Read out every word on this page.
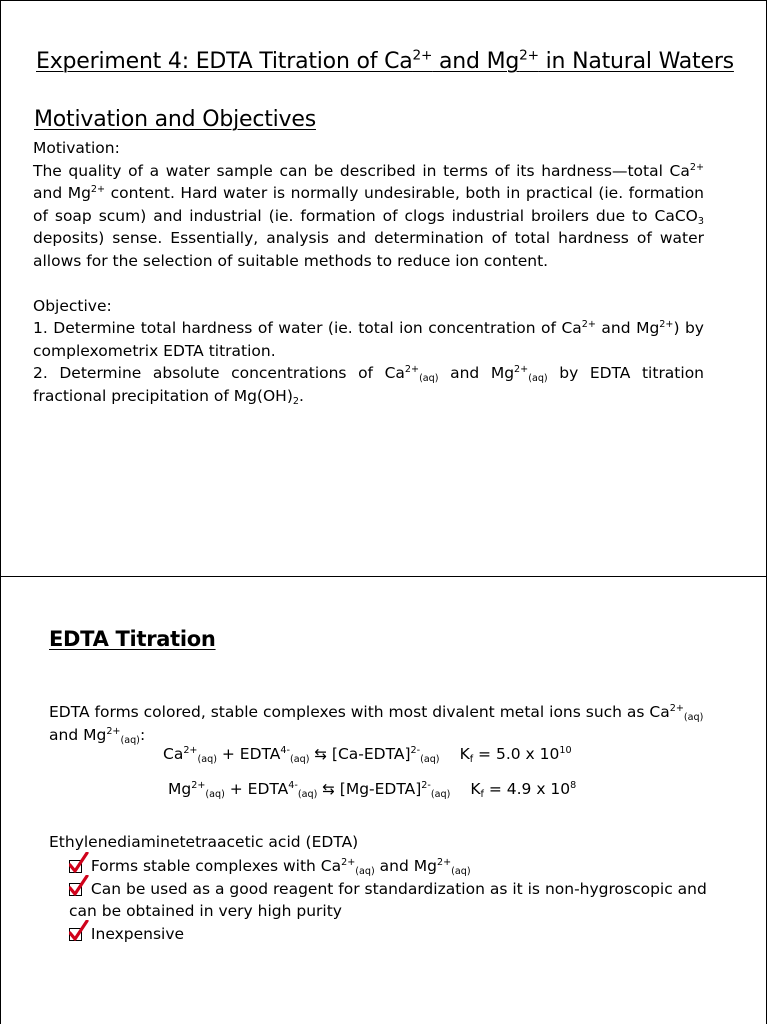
Experiment 4: EDTA Titration of $Ca^{2+}$ and $Mg^{2+}$ in Natural Waters
Motivation and Objectives
Motivation:
The quality of a water sample can be described in terms of its hardness—total $Ca^{2+}$ and $Mg^{2+}$ content. Hard water is normally undesirable, both in practical (ie. formation of soap scum) and industrial (ie. formation of clogs industrial broilers due to CaCO$_3$ deposits) sense. Essentially, analysis and determination of total hardness of water allows for the selection of suitable methods to reduce ion content.
Objective:
1. Determine total hardness of water (ie. total ion concentration of $Ca^{2+}$ and $Mg^{2+}$) by complexometrix EDTA titration.
2. Determine absolute concentrations of $Ca^{2+}_{(aq)}$ and $Mg^{2+}_{(aq)}$ by EDTA titration fractional precipitation of $Mg(OH)_2$.
EDTA Titration
EDTA forms colored, stable complexes with most divalent metal ions such as $Ca^{2+}_{(aq)}$ and $Mg^{2+}_{(aq)}$:
$Ca^{2+}_{(aq)}$ + $EDTA^{4-}_{(aq)}$ ⇆ [Ca-EDTA]$^{2-}_{(aq)}$ $K_f = 5.0$ x $10^{10}$
$Mg^{2+}_{(aq)}$ + $EDTA^{4-}_{(aq)}$ ⇆ [Mg-EDTA]$^{2-}_{(aq)}$ $K_f = 4.9$ x $10^8$
Ethylenediaminetetraacetic acid (EDTA)
Forms stable complexes with $Ca^{2+}_{(aq)}$ and $Mg^{2+}_{(aq)}$
Can be used as a good reagent for standardization as it is non-hygroscopic and can be obtained in very high purity
Inexpensive
